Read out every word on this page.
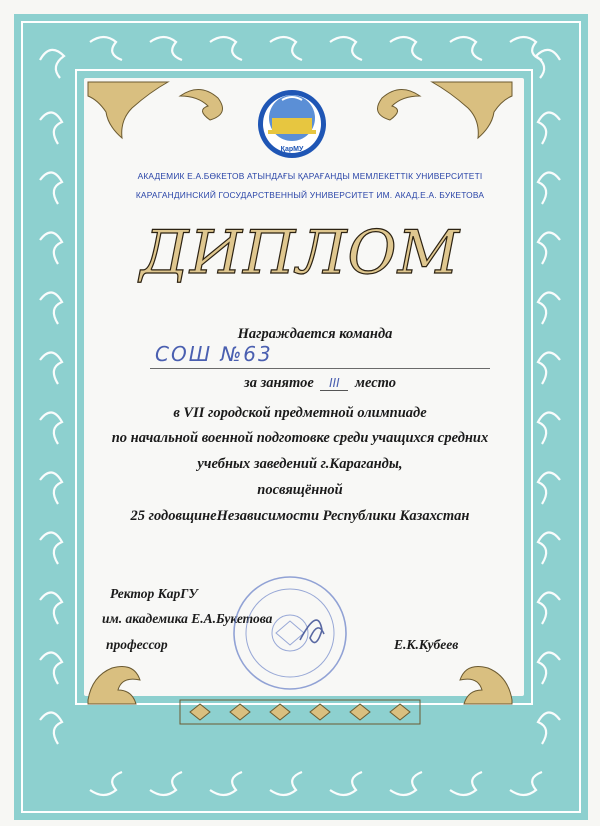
ҚарМУ
АКАДЕМИК Е.А.БӨКЕТОВ АТЫНДАҒЫ ҚАРАҒАНДЫ МЕМЛЕКЕТТІК УНИВЕРСИТЕТІ
КАРАГАНДИНСКИЙ ГОСУДАРСТВЕННЫЙ УНИВЕРСИТЕТ ИМ. АКАД.Е.А. БУКЕТОВА
ДИПЛОМ
Награждается команда
СОШ №63
за занятое III место
в VII городской предметной олимпиаде
по начальной военной подготовке среди учащихся средних
учебных заведений г.Караганды,
посвящённой
25 годовщинеНезависимости Республики Казахстан
Ректор КарГУ
им. академика Е.А.Букетова
профессор	Е.К.Кубеев
